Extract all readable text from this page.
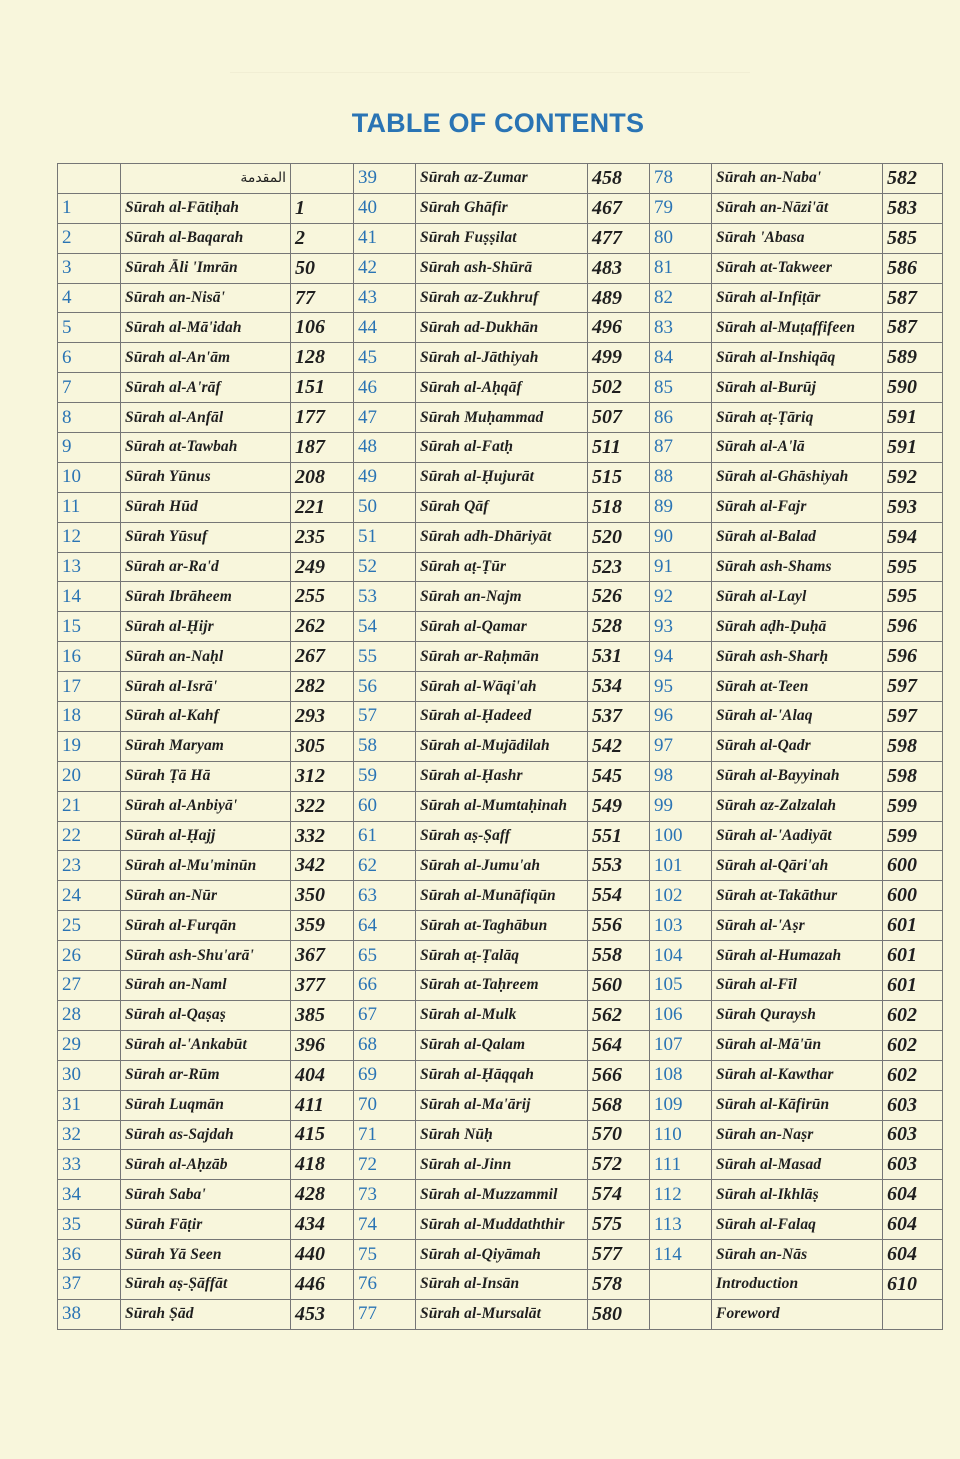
TABLE OF CONTENTS
	المقدمة		39	Sūrah az-Zumar	458	78	Sūrah an-Naba'	582
1	Sūrah al-Fātiḥah	1	40	Sūrah Ghāfir	467	79	Sūrah an-Nāzi'āt	583
2	Sūrah al-Baqarah	2	41	Sūrah Fuṣṣilat	477	80	Sūrah 'Abasa	585
3	Sūrah Āli 'Imrān	50	42	Sūrah ash-Shūrā	483	81	Sūrah at-Takweer	586
4	Sūrah an-Nisā'	77	43	Sūrah az-Zukhruf	489	82	Sūrah al-Infiṭār	587
5	Sūrah al-Mā'idah	106	44	Sūrah ad-Dukhān	496	83	Sūrah al-Muṭaffifeen	587
6	Sūrah al-An'ām	128	45	Sūrah al-Jāthiyah	499	84	Sūrah al-Inshiqāq	589
7	Sūrah al-A'rāf	151	46	Sūrah al-Aḥqāf	502	85	Sūrah al-Burūj	590
8	Sūrah al-Anfāl	177	47	Sūrah Muḥammad	507	86	Sūrah aṭ-Ṭāriq	591
9	Sūrah at-Tawbah	187	48	Sūrah al-Fatḥ	511	87	Sūrah al-A'lā	591
10	Sūrah Yūnus	208	49	Sūrah al-Ḥujurāt	515	88	Sūrah al-Ghāshiyah	592
11	Sūrah Hūd	221	50	Sūrah Qāf	518	89	Sūrah al-Fajr	593
12	Sūrah Yūsuf	235	51	Sūrah adh-Dhāriyāt	520	90	Sūrah al-Balad	594
13	Sūrah ar-Ra'd	249	52	Sūrah aṭ-Ṭūr	523	91	Sūrah ash-Shams	595
14	Sūrah Ibrāheem	255	53	Sūrah an-Najm	526	92	Sūrah al-Layl	595
15	Sūrah al-Ḥijr	262	54	Sūrah al-Qamar	528	93	Sūrah aḍh-Ḍuḥā	596
16	Sūrah an-Naḥl	267	55	Sūrah ar-Raḥmān	531	94	Sūrah ash-Sharḥ	596
17	Sūrah al-Isrā'	282	56	Sūrah al-Wāqi'ah	534	95	Sūrah at-Teen	597
18	Sūrah al-Kahf	293	57	Sūrah al-Ḥadeed	537	96	Sūrah al-'Alaq	597
19	Sūrah Maryam	305	58	Sūrah al-Mujādilah	542	97	Sūrah al-Qadr	598
20	Sūrah Ṭā Hā	312	59	Sūrah al-Ḥashr	545	98	Sūrah al-Bayyinah	598
21	Sūrah al-Anbiyā'	322	60	Sūrah al-Mumtaḥinah	549	99	Sūrah az-Zalzalah	599
22	Sūrah al-Ḥajj	332	61	Sūrah aṣ-Ṣaff	551	100	Sūrah al-'Aadiyāt	599
23	Sūrah al-Mu'minūn	342	62	Sūrah al-Jumu'ah	553	101	Sūrah al-Qāri'ah	600
24	Sūrah an-Nūr	350	63	Sūrah al-Munāfiqūn	554	102	Sūrah at-Takāthur	600
25	Sūrah al-Furqān	359	64	Sūrah at-Taghābun	556	103	Sūrah al-'Aṣr	601
26	Sūrah ash-Shu'arā'	367	65	Sūrah aṭ-Ṭalāq	558	104	Sūrah al-Humazah	601
27	Sūrah an-Naml	377	66	Sūrah at-Taḥreem	560	105	Sūrah al-Fīl	601
28	Sūrah al-Qaṣaṣ	385	67	Sūrah al-Mulk	562	106	Sūrah Quraysh	602
29	Sūrah al-'Ankabūt	396	68	Sūrah al-Qalam	564	107	Sūrah al-Mā'ūn	602
30	Sūrah ar-Rūm	404	69	Sūrah al-Ḥāqqah	566	108	Sūrah al-Kawthar	602
31	Sūrah Luqmān	411	70	Sūrah al-Ma'ārij	568	109	Sūrah al-Kāfirūn	603
32	Sūrah as-Sajdah	415	71	Sūrah Nūḥ	570	110	Sūrah an-Naṣr	603
33	Sūrah al-Aḥzāb	418	72	Sūrah al-Jinn	572	111	Sūrah al-Masad	603
34	Sūrah Saba'	428	73	Sūrah al-Muzzammil	574	112	Sūrah al-Ikhlāṣ	604
35	Sūrah Fāṭir	434	74	Sūrah al-Muddaththir	575	113	Sūrah al-Falaq	604
36	Sūrah Yā Seen	440	75	Sūrah al-Qiyāmah	577	114	Sūrah an-Nās	604
37	Sūrah aṣ-Ṣāffāt	446	76	Sūrah al-Insān	578		Introduction	610
38	Sūrah Ṣād	453	77	Sūrah al-Mursalāt	580		Foreword	
